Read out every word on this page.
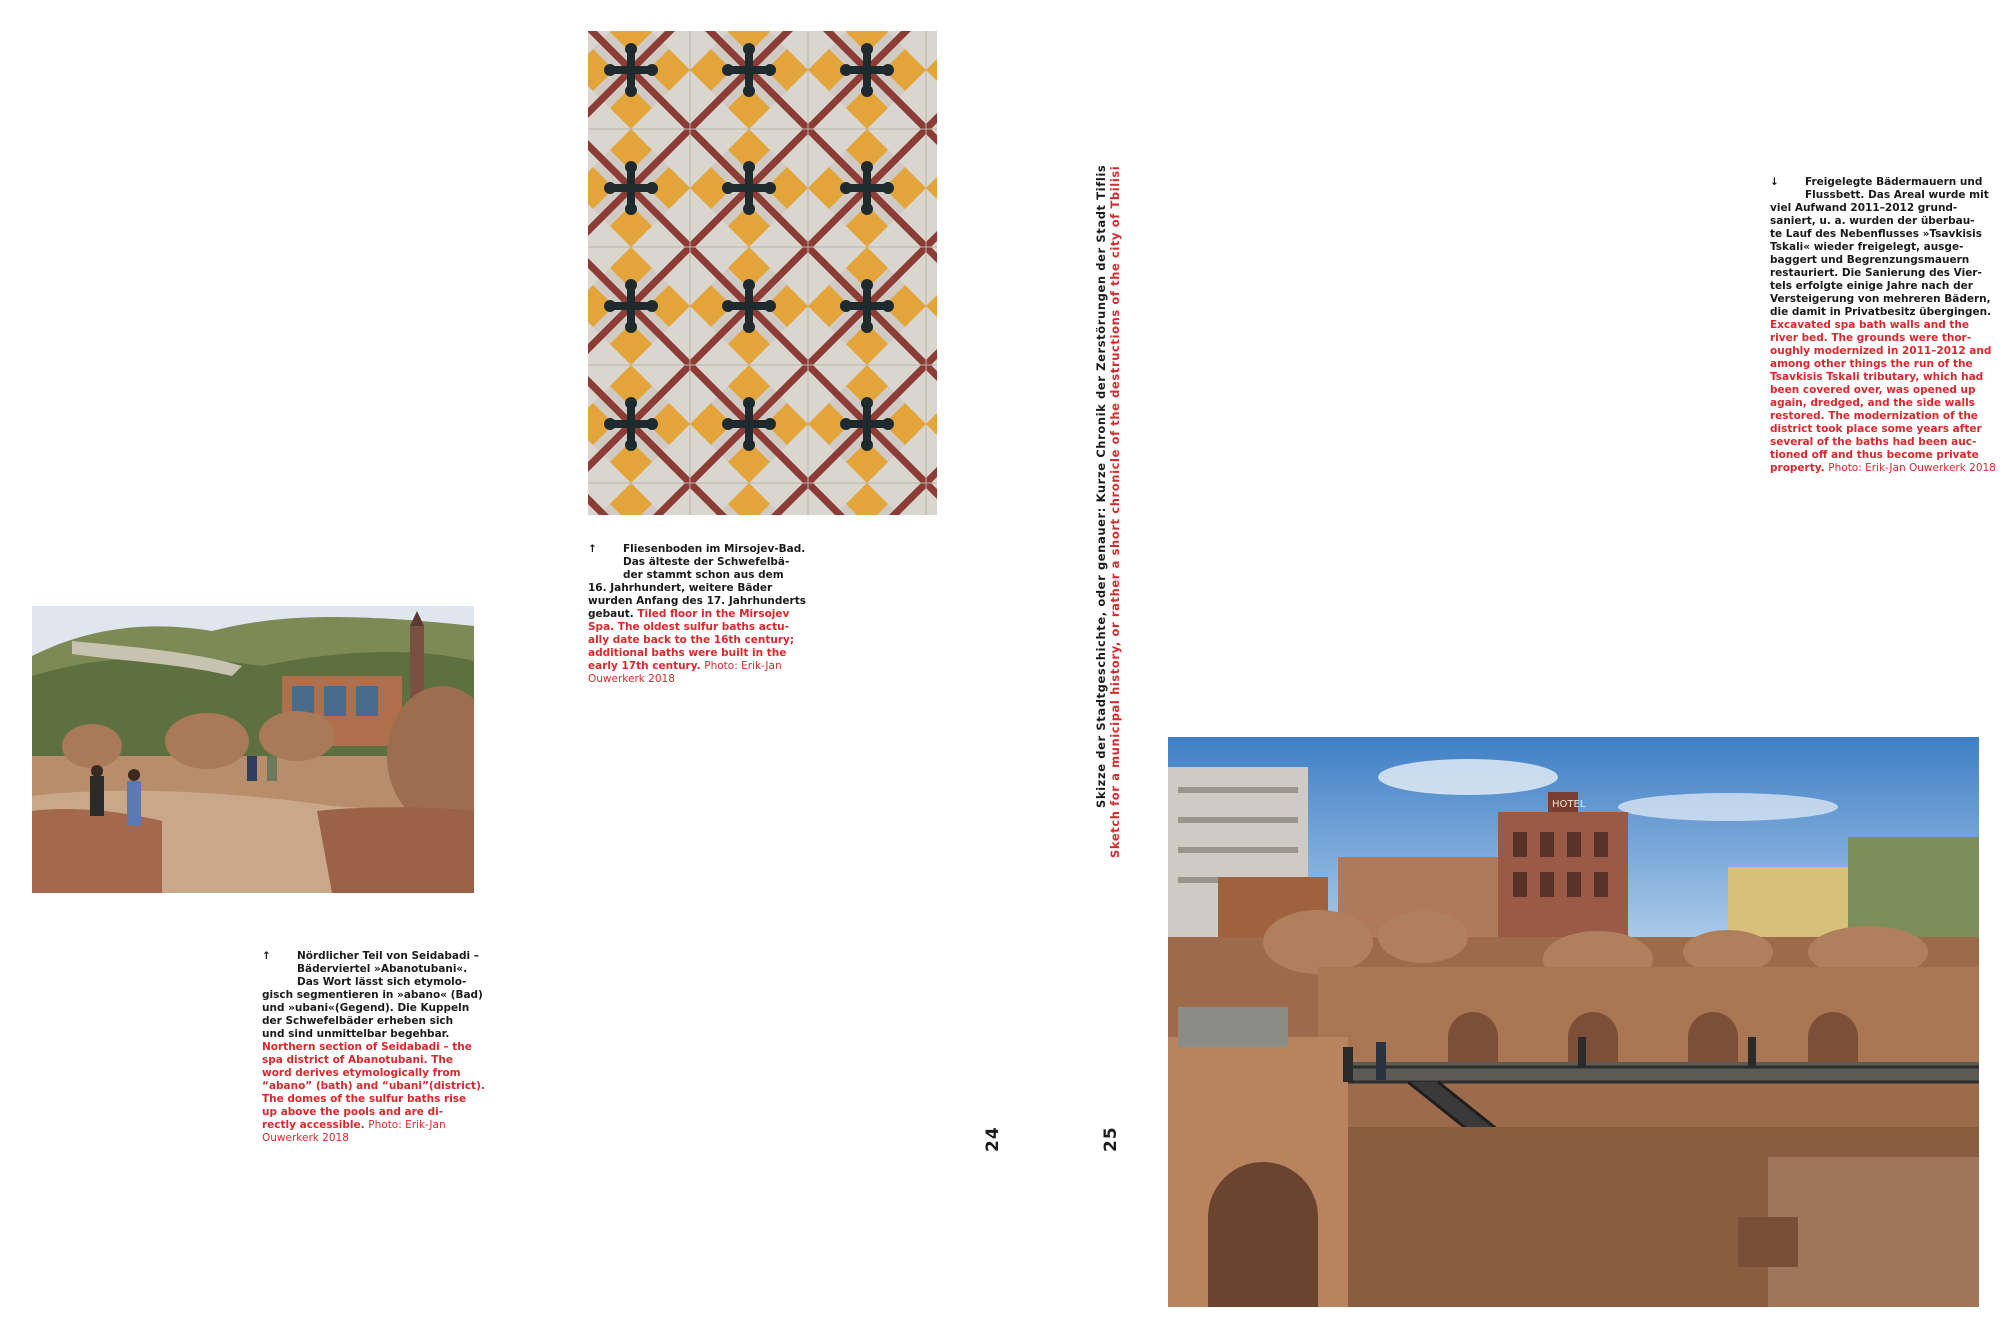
↑	Fliesenboden im Mirsojev-Bad.
Das älteste der Schwefelbä-
der stammt schon aus dem
16. Jahrhundert, weitere Bäder
wurden Anfang des 17. Jahrhunderts
gebaut. Tiled floor in the Mirsojev
Spa. The oldest sulfur baths actu-
ally date back to the 16th century;
additional baths were built in the
early 17th century. Photo: Erik-Jan
Ouwerkerk 2018
↑	Nördlicher Teil von Seidabadi –
Bäderviertel »Abanotubani«.
Das Wort lässt sich etymolo-
gisch segmentieren in »abano« (Bad)
und »ubani«(Gegend). Die Kuppeln
der Schwefelbäder erheben sich
und sind unmittelbar begehbar.
Northern section of Seidabadi – the
spa district of Abanotubani. The
word derives etymologically from
“abano” (bath) and “ubani”(district).
The domes of the sulfur baths rise
up above the pools and are di-
rectly accessible. Photo: Erik-Jan
Ouwerkerk 2018	24
Skizze der Stadtgeschichte, oder genauer: Kurze Chronik der Zerstörungen der Stadt Tiflis Sketch for a municipal history, or rather a short chronicle of the destructions of the city of Tbilisi
25
↓	Freigelegte Bädermauern und
Flussbett. Das Areal wurde mit
viel Aufwand 2011–2012 grund-
saniert, u. a. wurden der überbau-
te Lauf des Nebenflusses »Tsavkisis
Tskali« wieder freigelegt, ausge-
baggert und Begrenzungsmauern
restauriert. Die Sanierung des Vier-
tels erfolgte einige Jahre nach der
Versteigerung von mehreren Bädern,
die damit in Privatbesitz übergingen.
Excavated spa bath walls and the
river bed. The grounds were thor-
oughly modernized in 2011–2012 and
among other things the run of the
Tsavkisis Tskali tributary, which had
been covered over, was opened up
again, dredged, and the side walls
restored. The modernization of the
district took place some years after
several of the baths had been auc-
tioned off and thus become private
property. Photo: Erik-Jan Ouwerkerk 2018
HOTEL
